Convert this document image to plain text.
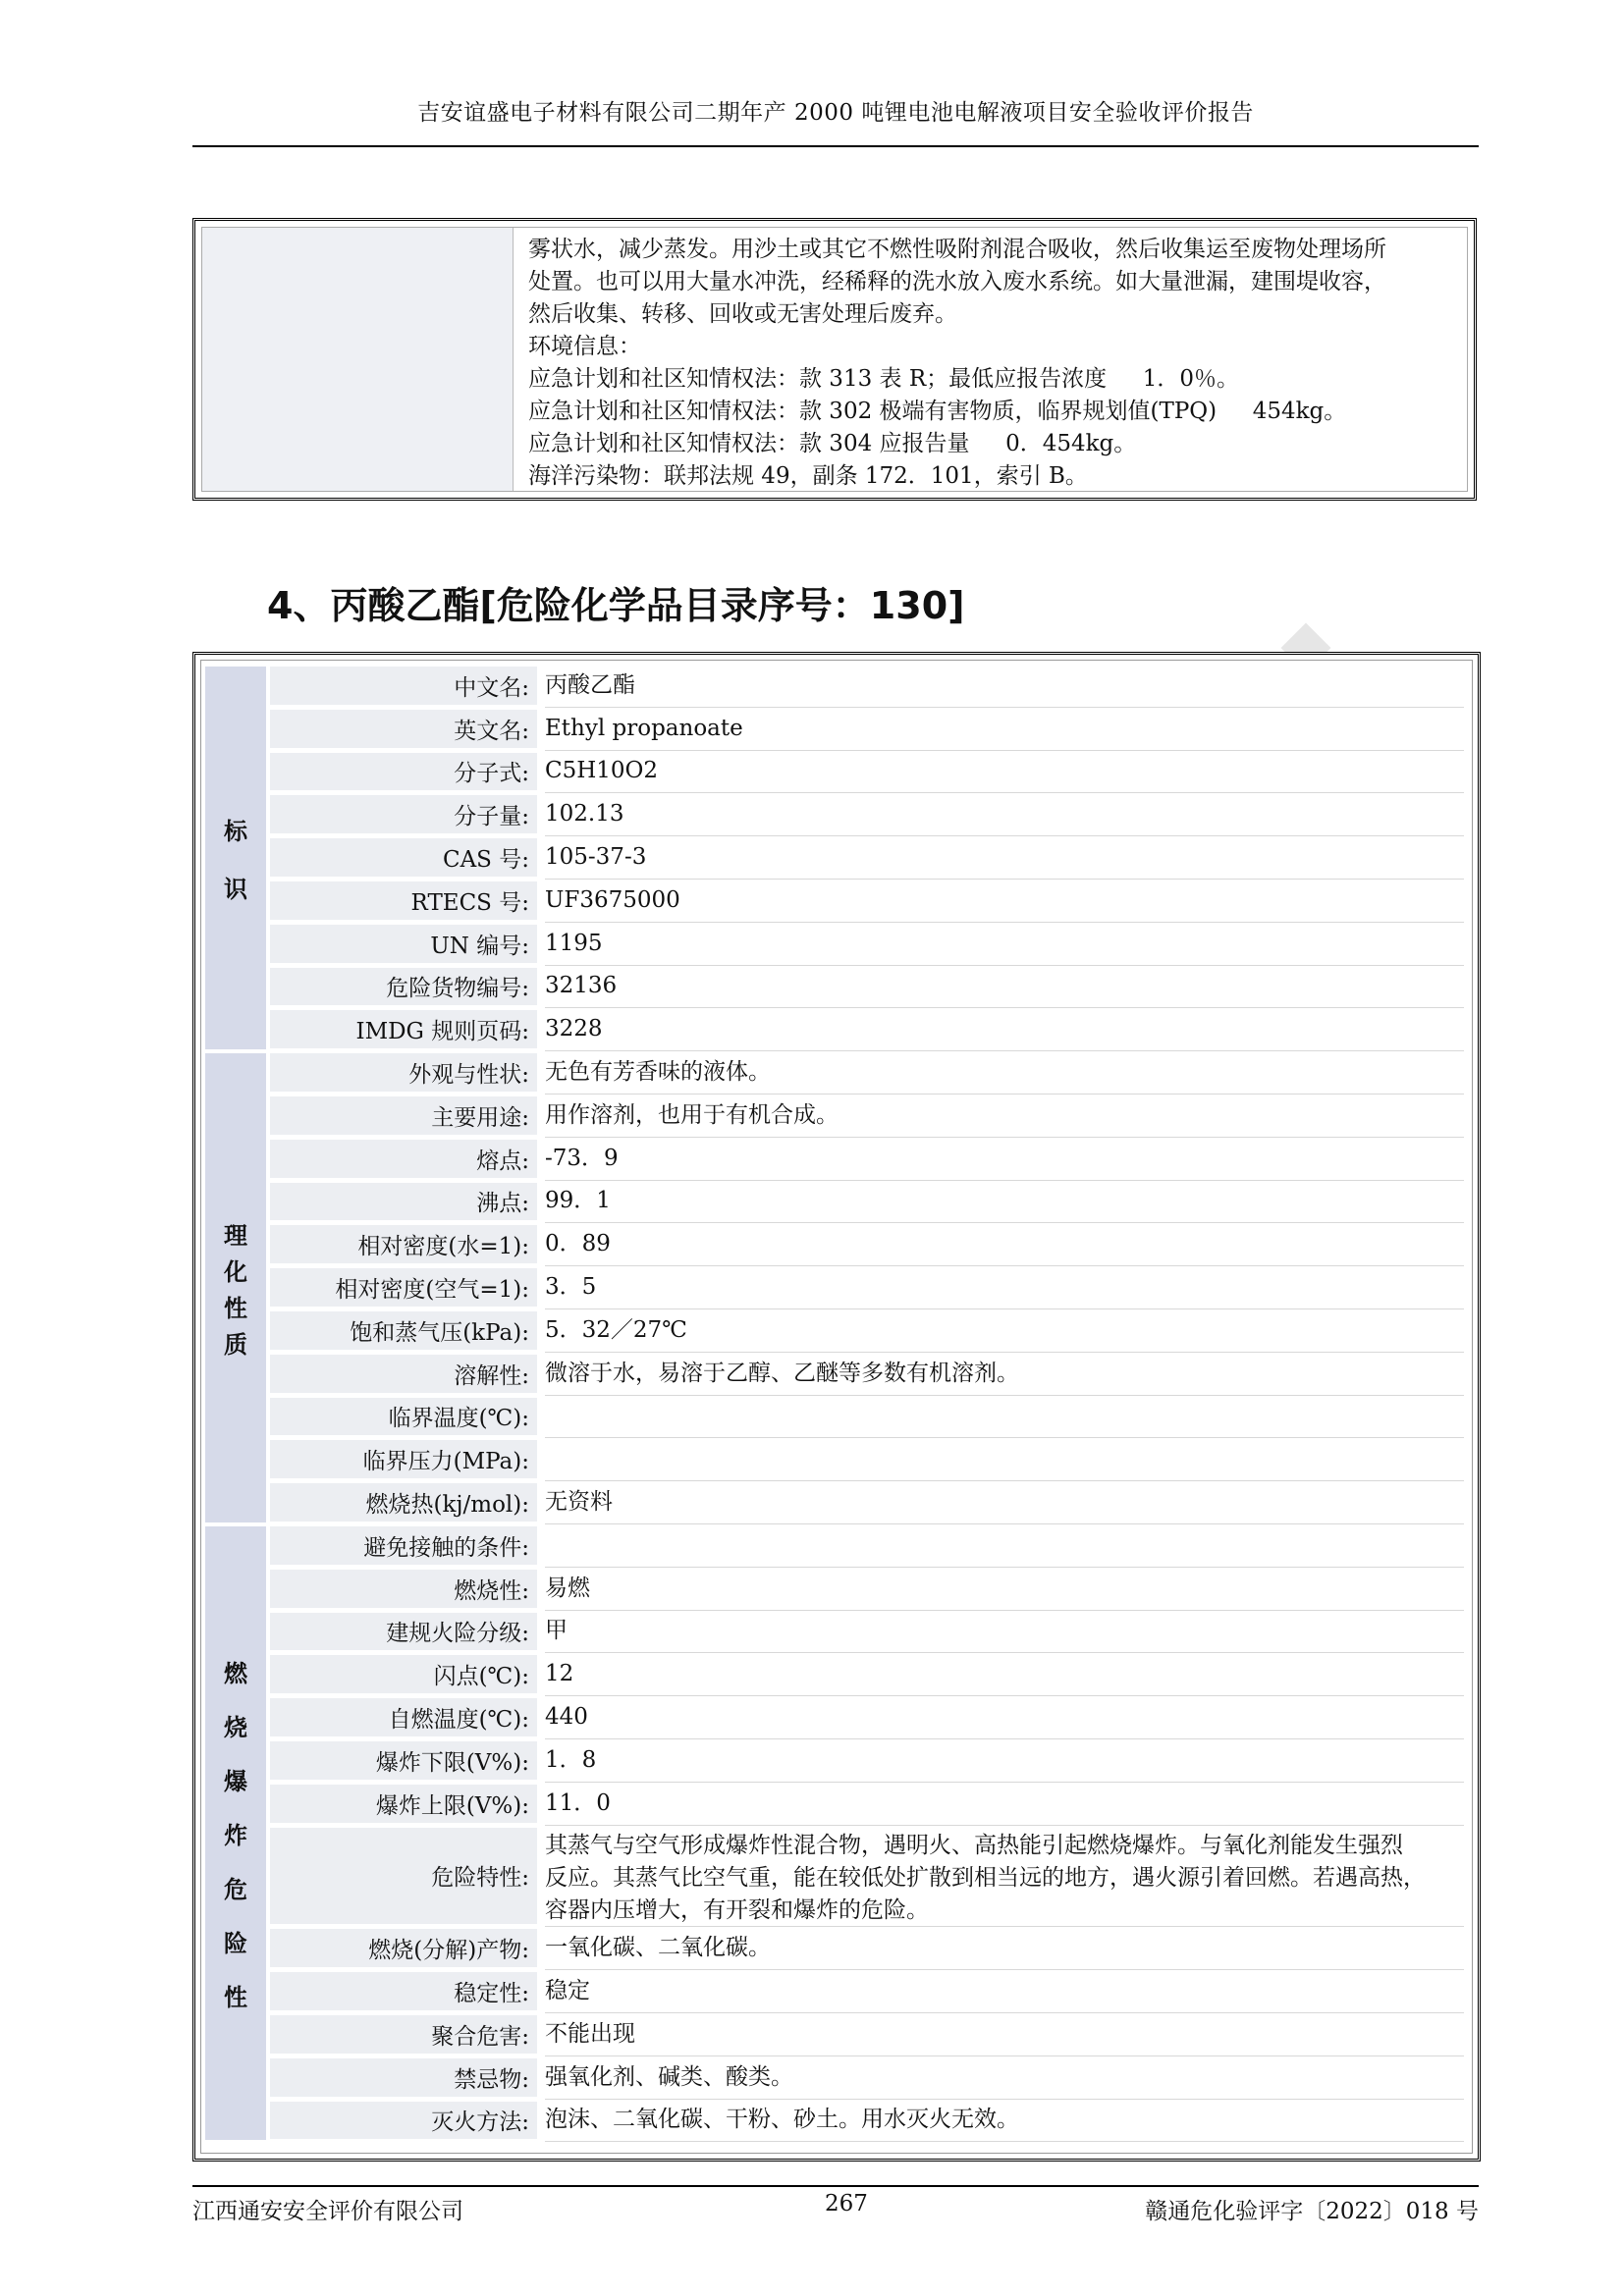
吉安谊盛电子材料有限公司二期年产 2000 吨锂电池电解液项目安全验收评价报告
雾状水，减少蒸发。用沙土或其它不燃性吸附剂混合吸收，然后收集运至废物处理场所
处置。也可以用大量水冲洗，经稀释的洗水放入废水系统。如大量泄漏，建围堤收容，
然后收集、转移、回收或无害处理后废弃。
环境信息：
应急计划和社区知情权法：款 313 表 R；最低应报告浓度     1．0％。
应急计划和社区知情权法：款 302 极端有害物质，临界规划值(TPQ)     454kg。
应急计划和社区知情权法：款 304 应报告量     0．454kg。
海洋污染物：联邦法规 49，副条 172．101，索引 B。
4、丙酸乙酯[危险化学品目录序号：130]
中文名: 丙酸乙酯
英文名: Ethyl propanoate
分子式: C5H10O2
分子量: 102.13
CAS 号: 105-37-3
RTECS 号: UF3675000
UN 编号: 1195
危险货物编号: 32136
IMDG 规则页码: 3228
标
识
外观与性状: 无色有芳香味的液体。
主要用途: 用作溶剂，也用于有机合成。
熔点: -73．9
沸点: 99．1
相对密度(水=1): 0．89
相对密度(空气=1): 3．5
饱和蒸气压(kPa): 5．32／27℃
溶解性: 微溶于水，易溶于乙醇、乙醚等多数有机溶剂。
临界温度(℃):
临界压力(MPa):
燃烧热(kj/mol): 无资料
理
化
性
质
避免接触的条件:
燃烧性: 易燃
建规火险分级: 甲
闪点(℃): 12
自燃温度(℃): 440
爆炸下限(V%): 1．8
爆炸上限(V%): 11．0
危险特性:
其蒸气与空气形成爆炸性混合物，遇明火、高热能引起燃烧爆炸。与氧化剂能发生强烈
反应。其蒸气比空气重，能在较低处扩散到相当远的地方，遇火源引着回燃。若遇高热，
容器内压增大，有开裂和爆炸的危险。
燃烧(分解)产物: 一氧化碳、二氧化碳。
稳定性: 稳定
聚合危害: 不能出现
禁忌物: 强氧化剂、碱类、酸类。
灭火方法: 泡沫、二氧化碳、干粉、砂土。用水灭火无效。
燃
烧
爆
炸
危
险
性
江西通安安全评价有限公司	267	赣通危化验评字〔2022〕018 号
